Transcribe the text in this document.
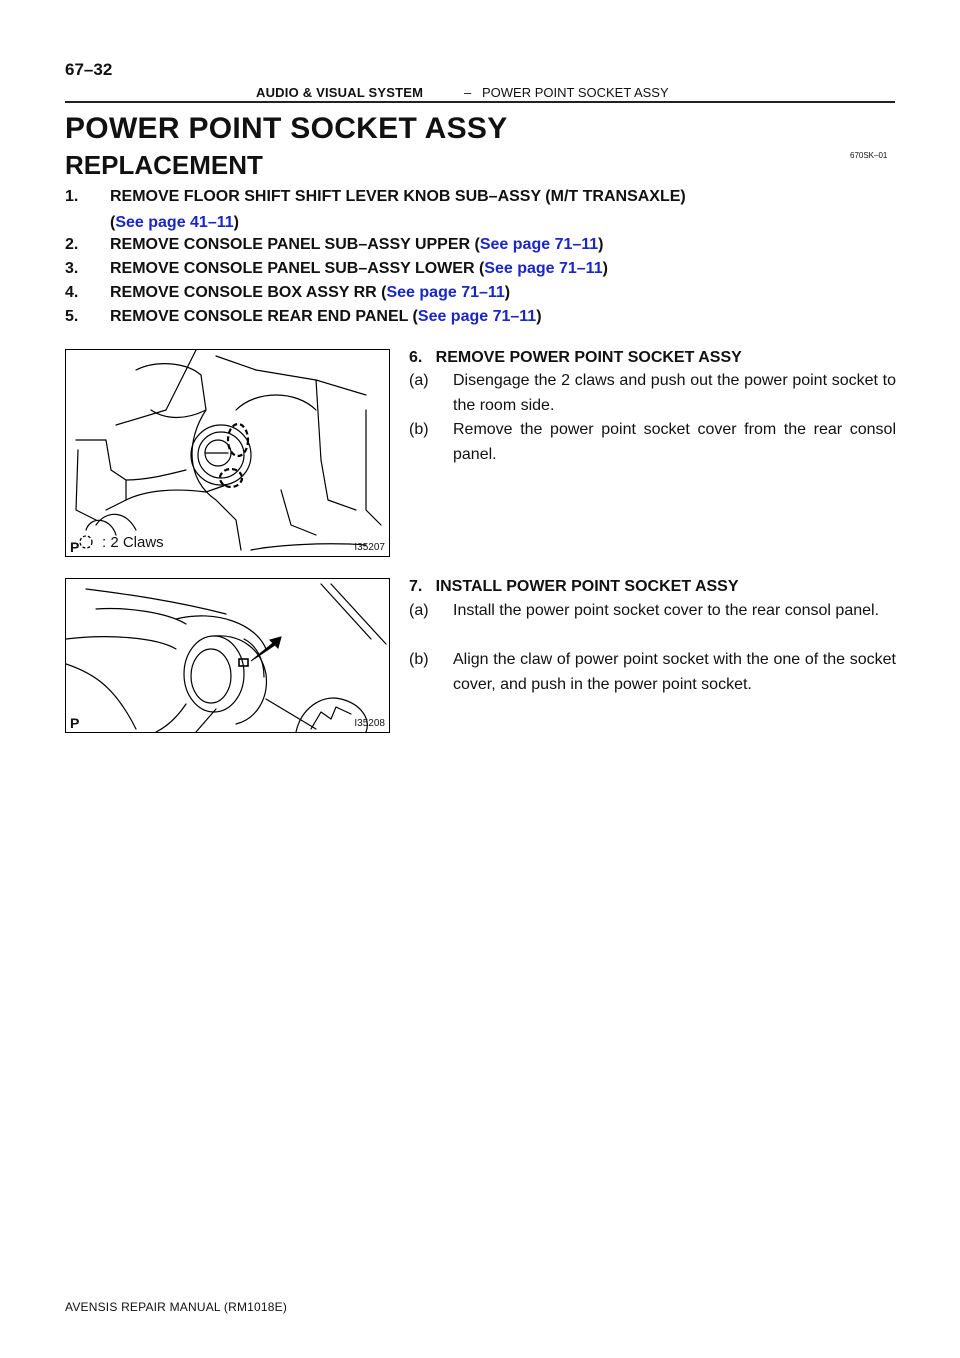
67–32
AUDIO & VISUAL SYSTEM	– POWER POINT SOCKET ASSY
POWER POINT SOCKET ASSY
REPLACEMENT	670SK–01
1. REMOVE FLOOR SHIFT SHIFT LEVER KNOB SUB–ASSY (M/T TRANSAXLE)
(See page 41–11)
2. REMOVE CONSOLE PANEL SUB–ASSY UPPER (See page 71–11)
3. REMOVE CONSOLE PANEL SUB–ASSY LOWER (See page 71–11)
4. REMOVE CONSOLE BOX ASSY RR (See page 71–11)
5. REMOVE CONSOLE REAR END PANEL (See page 71–11)
P : 2 Claws	I35207
P	I35208
6.   REMOVE POWER POINT SOCKET ASSY
(a) Disengage the 2 claws and push out the power point socket to the room side.
(b) Remove the power point socket cover from the rear consol panel.
7.   INSTALL POWER POINT SOCKET ASSY
(a) Install the power point socket cover to the rear consol panel.
(b) Align the claw of power point socket with the one of the socket cover, and push in the power point socket.
AVENSIS REPAIR MANUAL (RM1018E)
